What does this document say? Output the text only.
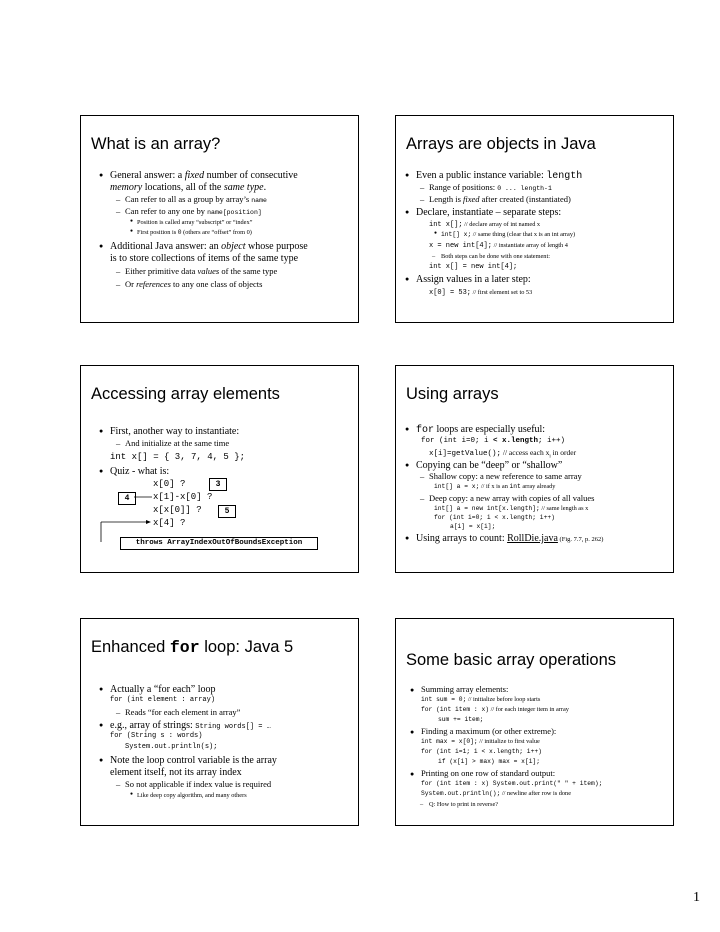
What is an array?
● General answer: a fixed number of consecutive
memory locations, all of the same type.
– Can refer to all as a group by array’s name
– Can refer to any one by name[position]
● Position is called array “subscript” or “index”
● First position is 0 (others are “offset” from 0)
● Additional Java answer: an object whose purpose
is to store collections of items of the same type
– Either primitive data values of the same type
– Or references to any one class of objects
Arrays are objects in Java
● Even a public instance variable: length
– Range of positions: 0 ... length-1
– Length is fixed after created (instantiated)
● Declare, instantiate – separate steps:
int x[]; // declare array of int named x
● int[] x; // same thing (clear that x is an int array)
x = new int[4]; // instantiate array of length 4
– Both steps can be done with one statement:
int x[] = new int[4];
● Assign values in a later step:
x[0] = 53; // first element set to 53
Accessing array elements
● First, another way to instantiate:
– And initialize at the same time
int x[] = { 3, 7, 4, 5 };
● Quiz - what is:
x[0] ?
x[1]-x[0] ?
x[x[0]] ?
x[4] ?
3
4
5
throws ArrayIndexOutOfBoundsException
Using arrays
● for loops are especially useful:
for (int i=0; i < x.length; i++)
x[i]=getValue(); // access each $x_i$ in order
● Copying can be “deep” or “shallow”
– Shallow copy: a new reference to same array
int[] a = x; // if x is an int array already
– Deep copy: a new array with copies of all values
int[] a = new int[x.length]; // same length as x
for (int i=0; i < x.length; i++)
a[i] = x[i];
● Using arrays to count: RollDie.java (Fig. 7.7, p. 262)
Enhanced for loop: Java 5
● Actually a “for each” loop
for (int element : array)
– Reads “for each element in array”
● e.g., array of strings: String words[] = …
for (String s : words)
System.out.println(s);
● Note the loop control variable is the array
element itself, not its array index
– So not applicable if index value is required
● Like deep copy algorithm, and many others
Some basic array operations
● Summing array elements:
int sum = 0; // initialize before loop starts
for (int item : x) // for each integer item in array
sum += item;
● Finding a maximum (or other extreme):
int max = x[0]; // initialize to first value
for (int i=1; i < x.length; i++)
if (x[i] > max) max = x[i];
● Printing on one row of standard output:
for (int item : x) System.out.print(" " + item);
System.out.println(); // newline after row is done
– Q: How to print in reverse?
1
